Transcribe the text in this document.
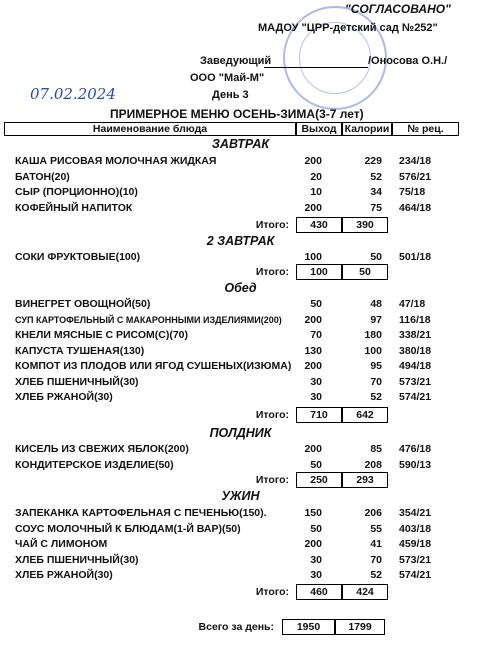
"СОГЛАСОВАНО"
МАДОУ "ЦРР-детский сад №252"
Заведующий	/Оносова О.Н./
ООО "Май-М"
07.02.2024	День 3
ПРИМЕРНОЕ МЕНЮ ОСЕНЬ-ЗИМА(3-7 лет)
Наименование блюда	Выход Калории	№ рец.
ЗАВТРАК
КАША РИСОВАЯ МОЛОЧНАЯ ЖИДКАЯ	200	229 234/18
БАТОН(20)	20	52 576/21
СЫР (ПОРЦИОННО)(10)	10	34 75/18
КОФЕЙНЫЙ НАПИТОК	200	75 464/18
Итого:	430	390
2 ЗАВТРАК
СОКИ ФРУКТОВЫЕ(100)	100	50 501/18
Итого:	100	50
Обед
ВИНЕГРЕТ ОВОЩНОЙ(50)	50	48 47/18
СУП КАРТОФЕЛЬНЫЙ С МАКАРОННЫМИ ИЗДЕЛИЯМИ(200)	200	97 116/18
КНЕЛИ МЯСНЫЕ С РИСОМ(С)(70)	70	180 338/21
КАПУСТА ТУШЕНАЯ(130)	130	100 380/18
КОМПОТ ИЗ ПЛОДОВ ИЛИ ЯГОД СУШЕНЫХ(ИЗЮМА)	200	95 494/18
ХЛЕБ ПШЕНИЧНЫЙ(30)	30	70 573/21
ХЛЕБ РЖАНОЙ(30)	30	52 574/21
Итого:	710	642
ПОЛДНИК
КИСЕЛЬ ИЗ СВЕЖИХ ЯБЛОК(200)	200	85 476/18
КОНДИТЕРСКОЕ ИЗДЕЛИЕ(50)	50	208 590/13
Итого:	250	293
УЖИН
ЗАПЕКАНКА КАРТОФЕЛЬНАЯ С ПЕЧЕНЬЮ(150).	150	206 354/21
СОУС МОЛОЧНЫЙ К БЛЮДАМ(1-Й ВАР)(50)	50	55 403/18
ЧАЙ С ЛИМОНОМ	200	41 459/18
ХЛЕБ ПШЕНИЧНЫЙ(30)	30	70 573/21
ХЛЕБ РЖАНОЙ(30)	30	52 574/21
Итого:	460	424
Всего за день:	1950	1799
